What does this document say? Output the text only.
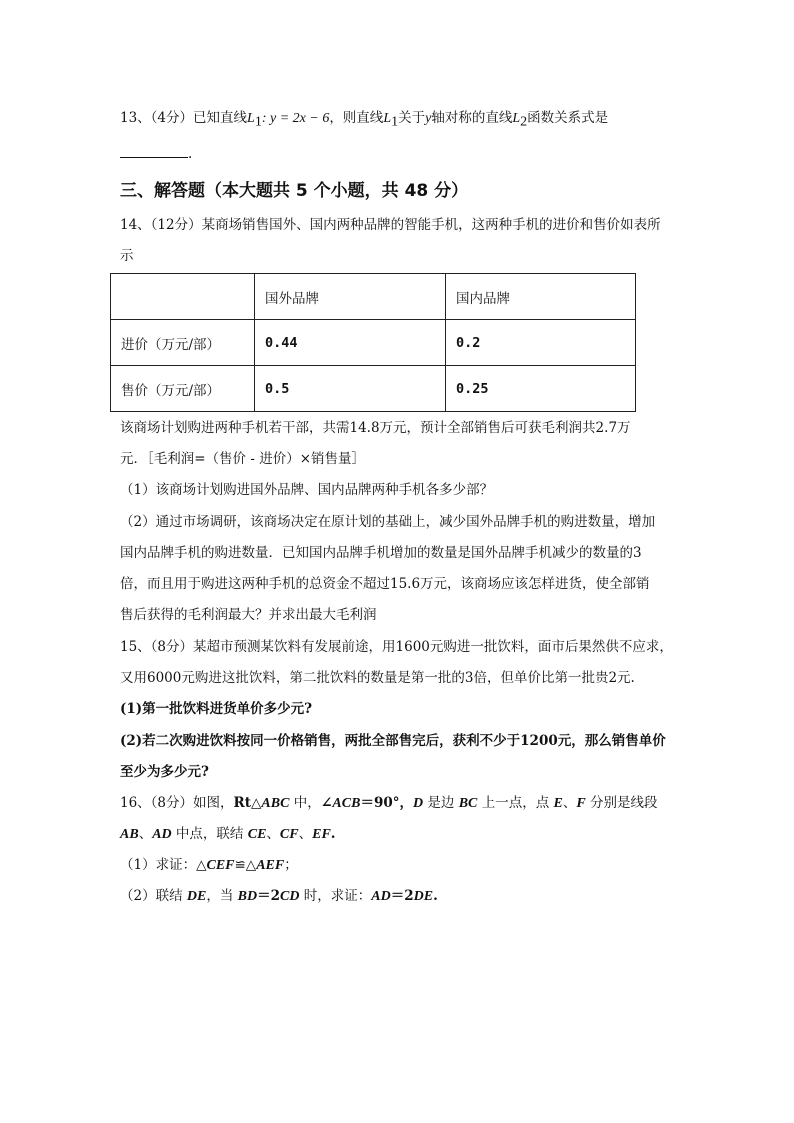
13、（4分）已知直线$L_1$: y = 2x − 6，则直线$L_1$关于y轴对称的直线$L_2$函数关系式是
.
三、解答题（本大题共 5 个小题，共 48 分）
14、（12分）某商场销售国外、国内两种品牌的智能手机，这两种手机的进价和售价如表所
示
	国外品牌	国内品牌
进价（万元/部）	0.44	0.2
售价（万元/部）	0.5	0.25
该商场计划购进两种手机若干部，共需14.8万元，预计全部销售后可获毛利润共2.7万
元．［毛利润=（售价 - 进价）×销售量］
（1）该商场计划购进国外品牌、国内品牌两种手机各多少部？
（2）通过市场调研，该商场决定在原计划的基础上，减少国外品牌手机的购进数量，增加
国内品牌手机的购进数量．已知国内品牌手机增加的数量是国外品牌手机减少的数量的3
倍，而且用于购进这两种手机的总资金不超过15.6万元，该商场应该怎样进货，使全部销
售后获得的毛利润最大？并求出最大毛利润
15、（8分）某超市预测某饮料有发展前途，用1600元购进一批饮料，面市后果然供不应求，
又用6000元购进这批饮料，第二批饮料的数量是第一批的3倍，但单价比第一批贵2元.
(1)第一批饮料进货单价多少元?
(2)若二次购进饮料按同一价格销售，两批全部售完后，获利不少于1200元，那么销售单价
至少为多少元?
16、（8分）如图，Rt△ABC 中，∠ACB＝90°，D 是边 BC 上一点，点 E、F 分别是线段
AB、AD 中点，联结 CE、CF、EF.
（1）求证：△CEF≌△AEF；
（2）联结 DE，当 BD＝2CD 时，求证：AD＝2DE.
